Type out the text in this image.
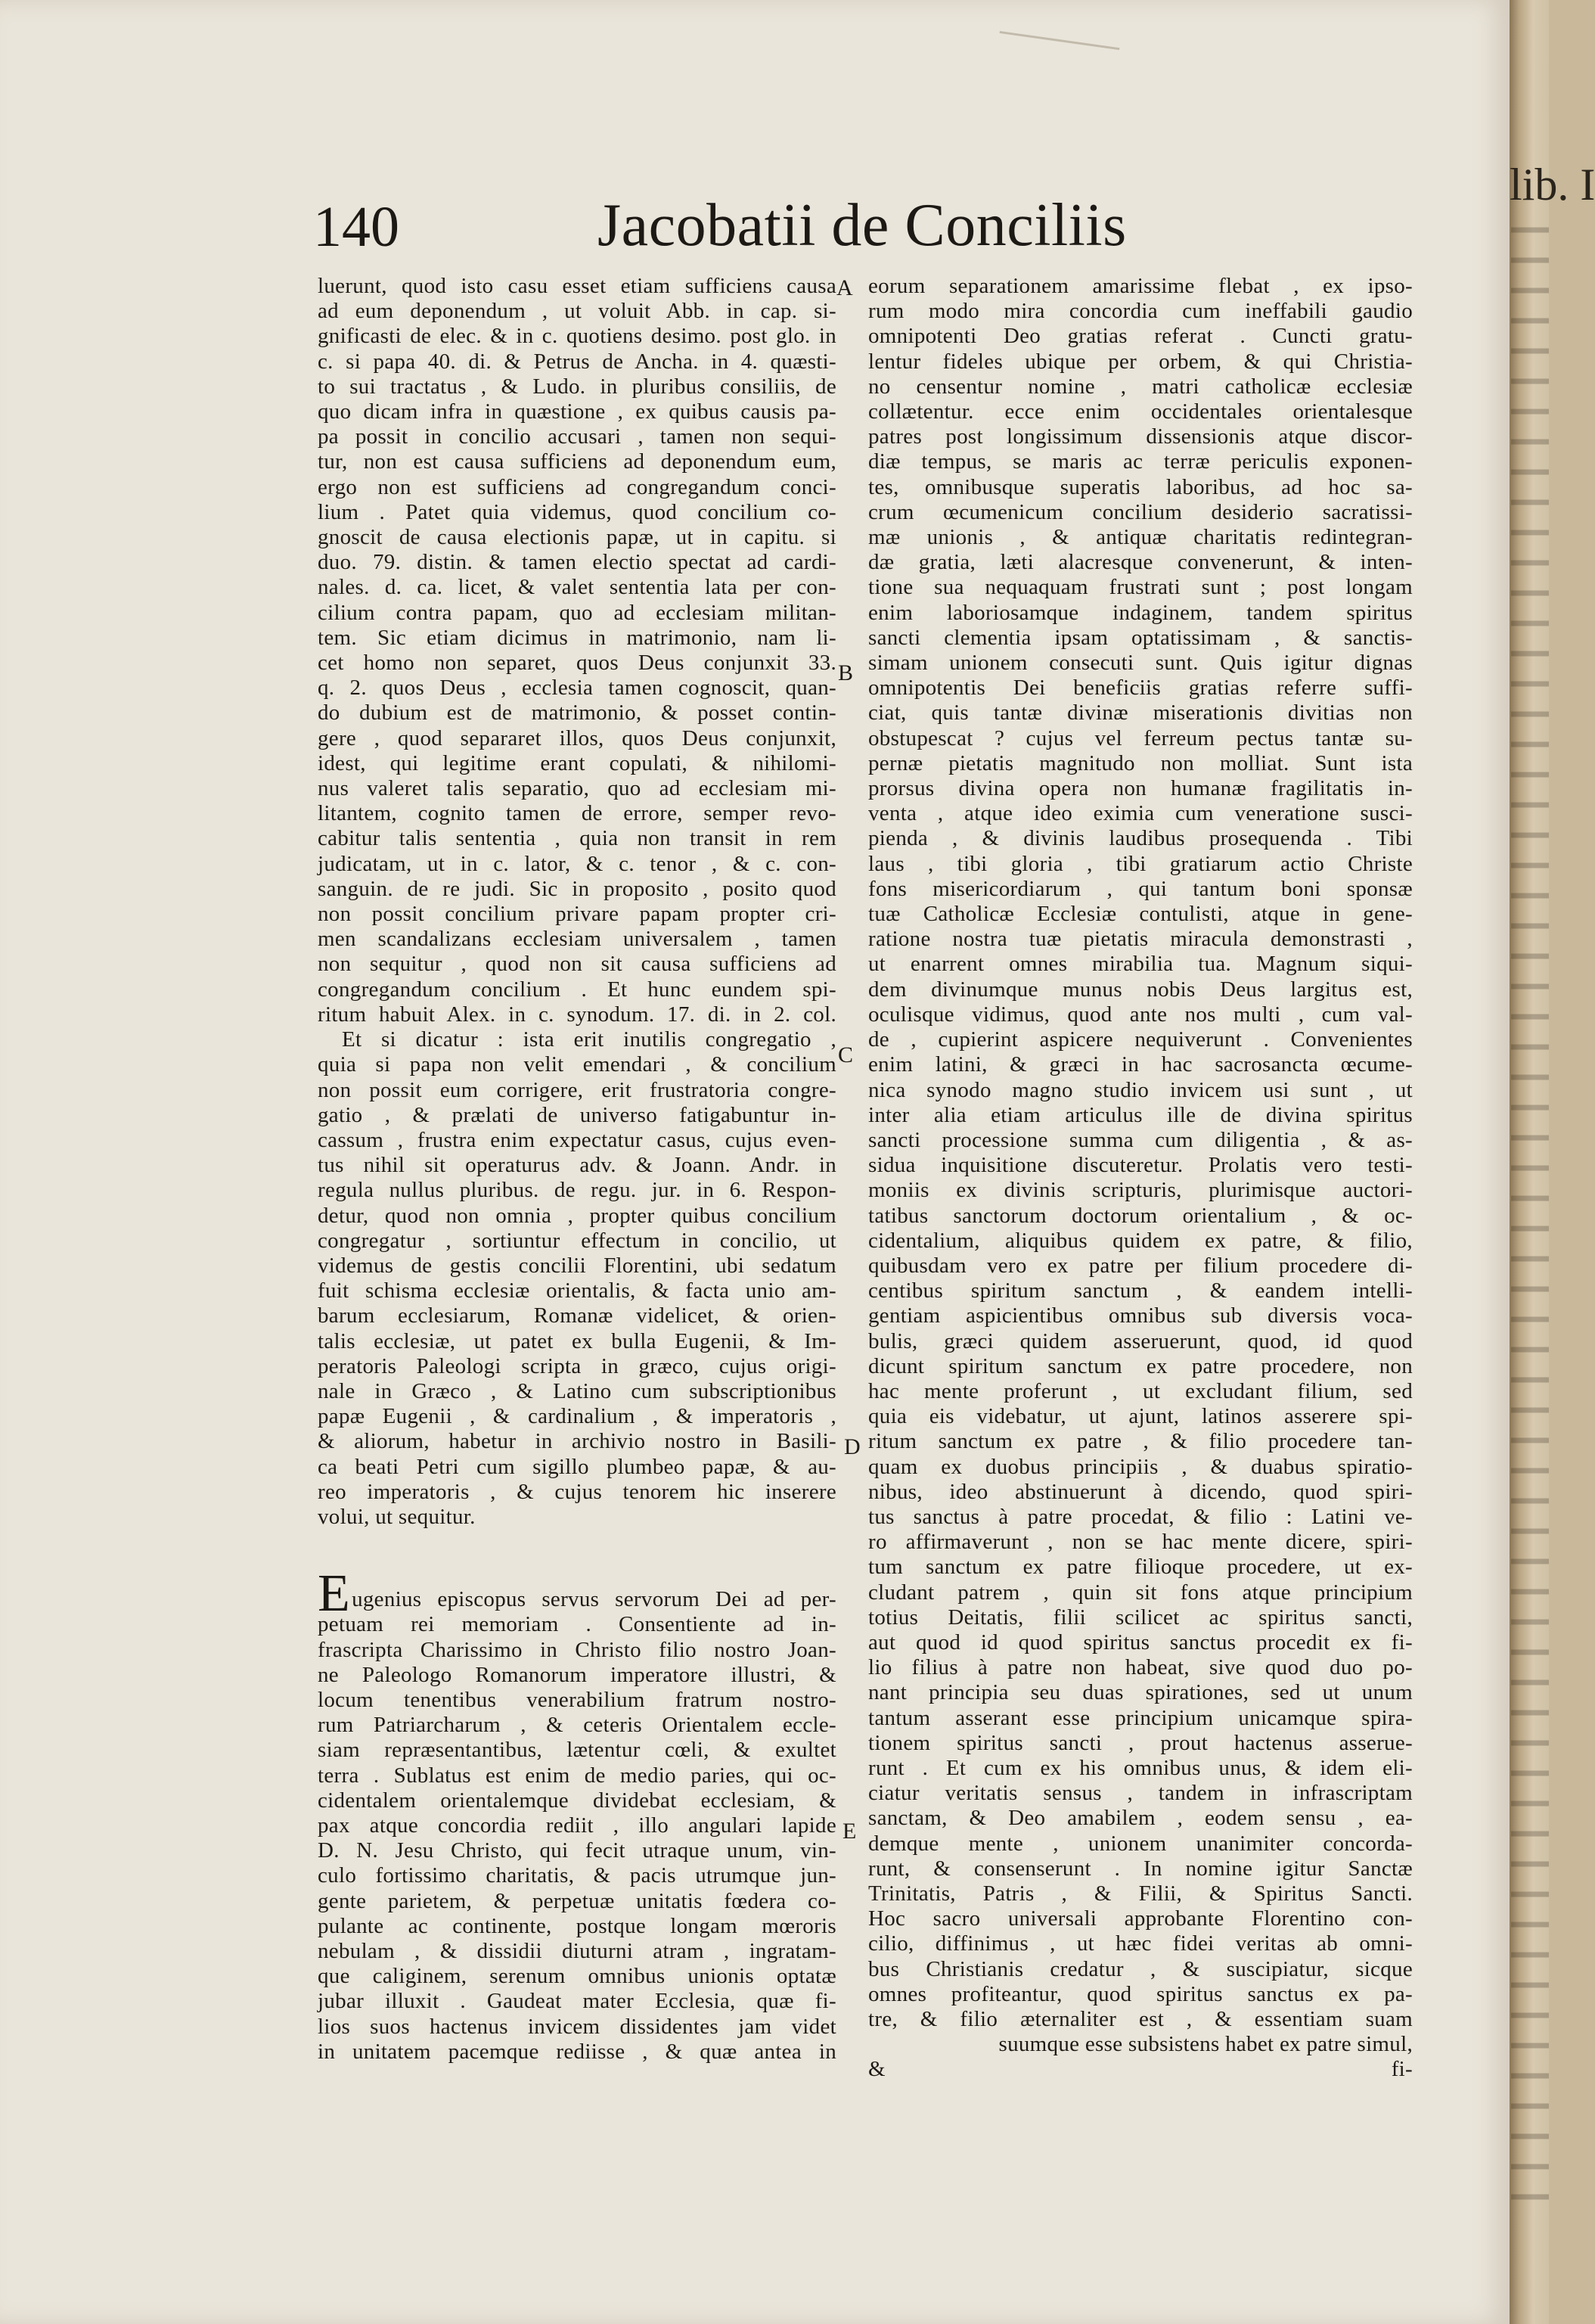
140	Jacobatii de Conciliis
luerunt, quod isto casu esset etiam sufficiens causa
ad eum deponendum , ut voluit Abb. in cap. si-
gnificasti de elec. & in c. quotiens desimo. post glo. in
c. si papa 40. di. & Petrus de Ancha. in 4. quæsti-
to sui tractatus , & Ludo. in pluribus consiliis, de
quo dicam infra in quæstione , ex quibus causis pa-
pa possit in concilio accusari , tamen non sequi-
tur, non est causa sufficiens ad deponendum eum,
ergo non est sufficiens ad congregandum conci-
lium . Patet quia videmus, quod concilium co-
gnoscit de causa electionis papæ, ut in capitu. si
duo. 79. distin. & tamen electio spectat ad cardi-
nales. d. ca. licet, & valet sententia lata per con-
cilium contra papam, quo ad ecclesiam militan-
tem. Sic etiam dicimus in matrimonio, nam li-
cet homo non separet, quos Deus conjunxit 33.
q. 2. quos Deus , ecclesia tamen cognoscit, quan-
do dubium est de matrimonio, & posset contin-
gere , quod separaret illos, quos Deus conjunxit,
idest, qui legitime erant copulati, & nihilomi-
nus valeret talis separatio, quo ad ecclesiam mi-
litantem, cognito tamen de errore, semper revo-
cabitur talis sententia , quia non transit in rem
judicatam, ut in c. lator, & c. tenor , & c. con-
sanguin. de re judi. Sic in proposito , posito quod
non possit concilium privare papam propter cri-
men scandalizans ecclesiam universalem , tamen
non sequitur , quod non sit causa sufficiens ad
congregandum concilium . Et hunc eundem spi-
ritum habuit Alex. in c. synodum. 17. di. in 2. col.
Et si dicatur : ista erit inutilis congregatio ,
quia si papa non velit emendari , & concilium
non possit eum corrigere, erit frustratoria congre-
gatio , & prælati de universo fatigabuntur in-
cassum , frustra enim expectatur casus, cujus even-
tus nihil sit operaturus adv. & Joann. Andr. in
regula nullus pluribus. de regu. jur. in 6. Respon-
detur, quod non omnia , propter quibus concilium
congregatur , sortiuntur effectum in concilio, ut
videmus de gestis concilii Florentini, ubi sedatum
fuit schisma ecclesiæ orientalis, & facta unio am-
barum ecclesiarum, Romanæ videlicet, & orien-
talis ecclesiæ, ut patet ex bulla Eugenii, & Im-
peratoris Paleologi scripta in græco, cujus origi-
nale in Græco , & Latino cum subscriptionibus
papæ Eugenii , & cardinalium , & imperatoris ,
& aliorum, habetur in archivio nostro in Basili-
ca beati Petri cum sigillo plumbeo papæ, & au-
reo imperatoris , & cujus tenorem hic inserere
volui, ut sequitur.
Eugenius episcopus servus servorum Dei ad per-
petuam rei memoriam . Consentiente ad in-
frascripta Charissimo in Christo filio nostro Joan-
ne Paleologo Romanorum imperatore illustri, &
locum tenentibus venerabilium fratrum nostro-
rum Patriarcharum , & ceteris Orientalem eccle-
siam repræsentantibus, lætentur cœli, & exultet
terra . Sublatus est enim de medio paries, qui oc-
cidentalem orientalemque dividebat ecclesiam, &
pax atque concordia rediit , illo angulari lapide
D. N. Jesu Christo, qui fecit utraque unum, vin-
culo fortissimo charitatis, & pacis utrumque jun-
gente parietem, & perpetuæ unitatis fœdera co-
pulante ac continente, postque longam mœroris
nebulam , & dissidii diuturni atram , ingratam-
que caliginem, serenum omnibus unionis optatæ
jubar illuxit . Gaudeat mater Ecclesia, quæ fi-
lios suos hactenus invicem dissidentes jam videt
in unitatem pacemque rediisse , & quæ antea in
eorum separationem amarissime flebat , ex ipso-
rum modo mira concordia cum ineffabili gaudio
omnipotenti Deo gratias referat . Cuncti gratu-
lentur fideles ubique per orbem, & qui Christia-
no censentur nomine , matri catholicæ ecclesiæ
collætentur. ecce enim occidentales orientalesque
patres post longissimum dissensionis atque discor-
diæ tempus, se maris ac terræ periculis exponen-
tes, omnibusque superatis laboribus, ad hoc sa-
crum œcumenicum concilium desiderio sacratissi-
mæ unionis , & antiquæ charitatis redintegran-
dæ gratia, læti alacresque convenerunt, & inten-
tione sua nequaquam frustrati sunt ; post longam
enim laboriosamque indaginem, tandem spiritus
sancti clementia ipsam optatissimam , & sanctis-
simam unionem consecuti sunt. Quis igitur dignas
omnipotentis Dei beneficiis gratias referre suffi-
ciat, quis tantæ divinæ miserationis divitias non
obstupescat ? cujus vel ferreum pectus tantæ su-
pernæ pietatis magnitudo non molliat. Sunt ista
prorsus divina opera non humanæ fragilitatis in-
venta , atque ideo eximia cum veneratione susci-
pienda , & divinis laudibus prosequenda . Tibi
laus , tibi gloria , tibi gratiarum actio Christe
fons misericordiarum , qui tantum boni sponsæ
tuæ Catholicæ Ecclesiæ contulisti, atque in gene-
ratione nostra tuæ pietatis miracula demonstrasti ,
ut enarrent omnes mirabilia tua. Magnum siqui-
dem divinumque munus nobis Deus largitus est,
oculisque vidimus, quod ante nos multi , cum val-
de , cupierint aspicere nequiverunt . Convenientes
enim latini, & græci in hac sacrosancta œcume-
nica synodo magno studio invicem usi sunt , ut
inter alia etiam articulus ille de divina spiritus
sancti processione summa cum diligentia , & as-
sidua inquisitione discuteretur. Prolatis vero testi-
moniis ex divinis scripturis, plurimisque auctori-
tatibus sanctorum doctorum orientalium , & oc-
cidentalium, aliquibus quidem ex patre, & filio,
quibusdam vero ex patre per filium procedere di-
centibus spiritum sanctum , & eandem intelli-
gentiam aspicientibus omnibus sub diversis voca-
bulis, græci quidem asseruerunt, quod, id quod
dicunt spiritum sanctum ex patre procedere, non
hac mente proferunt , ut excludant filium, sed
quia eis videbatur, ut ajunt, latinos asserere spi-
ritum sanctum ex patre , & filio procedere tan-
quam ex duobus principiis , & duabus spiratio-
nibus, ideo abstinuerunt à dicendo, quod spiri-
tus sanctus à patre procedat, & filio : Latini ve-
ro affirmaverunt , non se hac mente dicere, spiri-
tum sanctum ex patre filioque procedere, ut ex-
cludant patrem , quin sit fons atque principium
totius Deitatis, filii scilicet ac spiritus sancti,
aut quod id quod spiritus sanctus procedit ex fi-
lio filius à patre non habeat, sive quod duo po-
nant principia seu duas spirationes, sed ut unum
tantum asserant esse principium unicamque spira-
tionem spiritus sancti , prout hactenus asserue-
runt . Et cum ex his omnibus unus, & idem eli-
ciatur veritatis sensus , tandem in infrascriptam
sanctam, & Deo amabilem , eodem sensu , ea-
demque mente , unionem unanimiter concorda-
runt, & consenserunt . In nomine igitur Sanctæ
Trinitatis, Patris , & Filii, & Spiritus Sancti.
Hoc sacro universali approbante Florentino con-
cilio, diffinimus , ut hæc fidei veritas ab omni-
bus Christianis credatur , & suscipiatur, sicque
omnes profiteantur, quod spiritus sanctus ex pa-
tre, & filio æternaliter est , & essentiam suam
suumque esse subsistens habet ex patre simul,
& fi-
A
B
C
D
E
lib. I
